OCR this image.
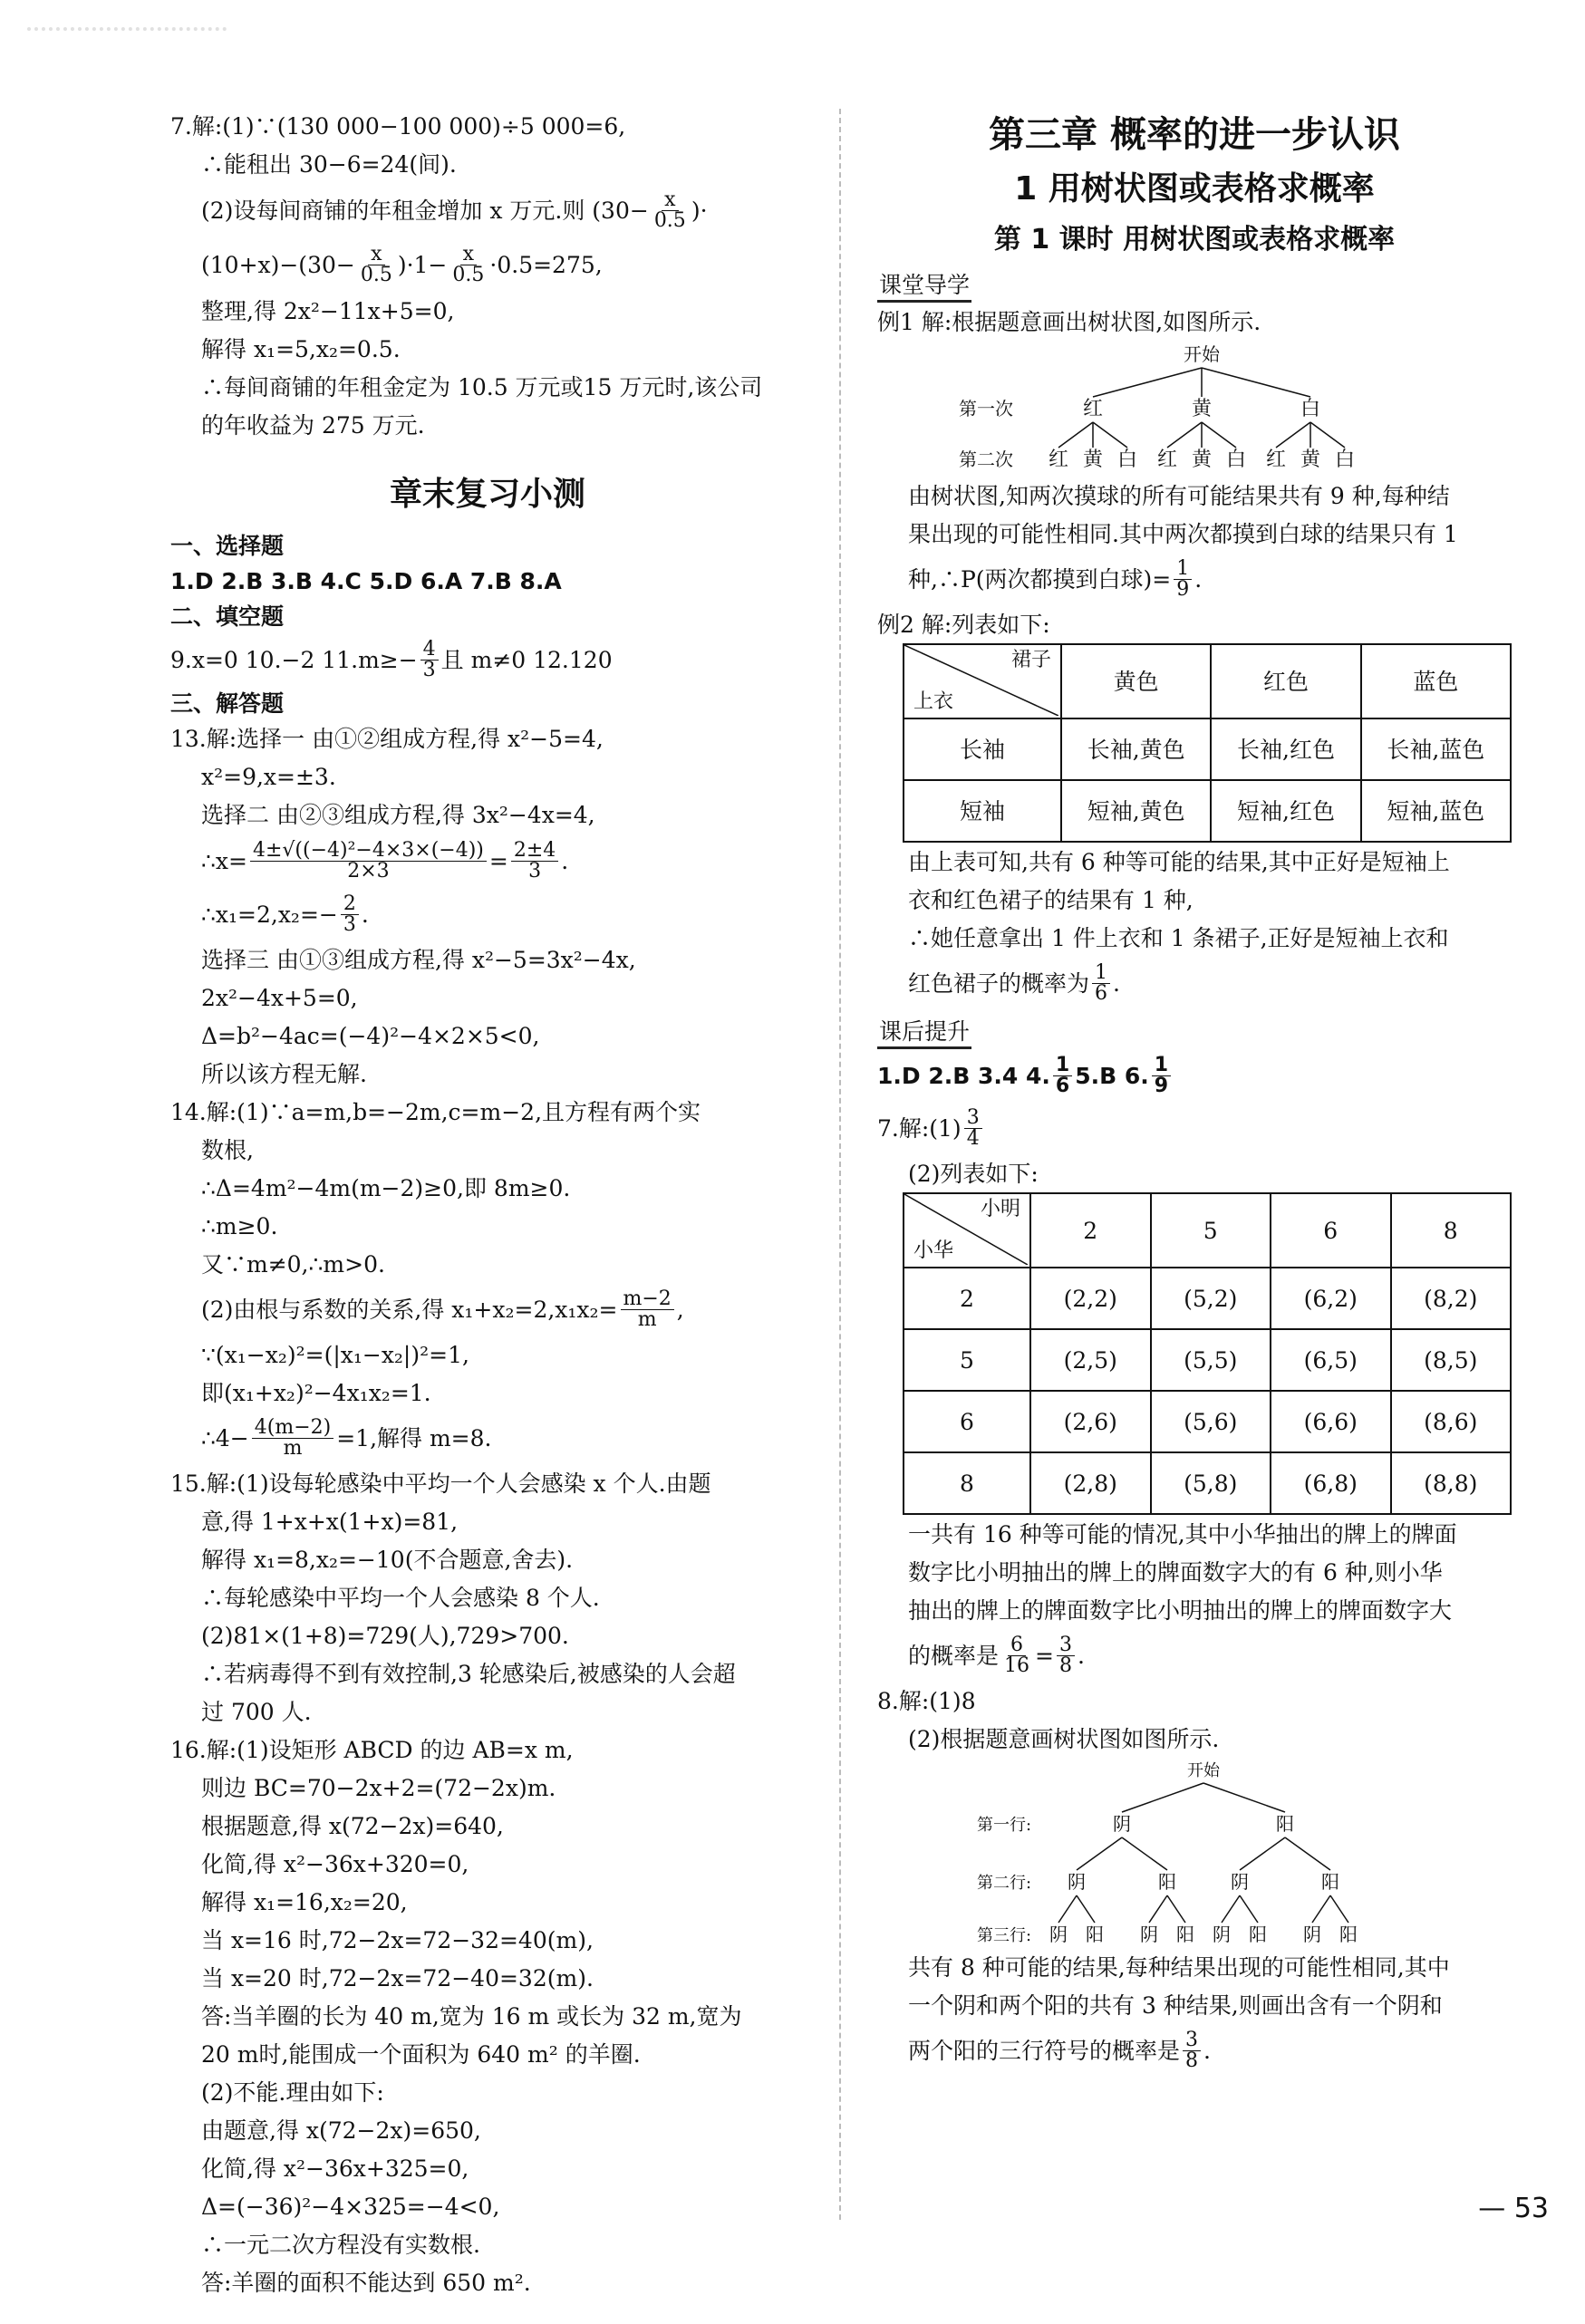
7.解:(1)∵(130 000−100 000)÷5 000=6,
∴能租出 30−6=24(间).
(2)设每间商铺的年租金增加 x 万元.则 ($30- \frac{x}{0.5}$ )·
$(10+x)-(30- \frac{x}{0.5} )\cdot 1- \frac{x}{0.5} \cdot 0.5=275$,
整理,得 2x²−11x+5=0,
解得 x₁=5,x₂=0.5.
∴每间商铺的年租金定为 10.5 万元或15 万元时,该公司
的年收益为 275 万元.
章末复习小测
一、选择题
1.D 2.B 3.B 4.C 5.D 6.A 7.B 8.A
二、填空题
9.x=0 10.−2 $11.m\ge- \frac{4}{3}$ 且 m≠0 12.120
三、解答题
13.解:选择一 由①②组成方程,得 x²−5=4,
x²=9,x=±3.
选择二 由②③组成方程,得 3x²−4x=4,
∴x= $\frac{\text{4±√((−4)²−4×3×(−4))}}{2\times 3} = \frac{2\pm 4}{3}$ .
∴x₁=2,x₂=− $\frac{2}{3}$ .
选择三 由①③组成方程,得 x²−5=3x²−4x,
2x²−4x+5=0,
Δ=b²−4ac=(−4)²−4×2×5<0,
所以该方程无解.
14.解:(1)∵a=m,b=−2m,c=m−2,且方程有两个实
数根,
∴Δ=4m²−4m(m−2)≥0,即 8m≥0.
∴m≥0.
又∵m≠0,∴m>0.
(2)由根与系数的关系,得 $x_1+x_2=2,x_1x_2= \frac{m-2}{m}$ ,
∵(x₁−x₂)²=(|x₁−x₂|)²=1,
即(x₁+x₂)²−4x₁x₂=1.
∴4− $\frac{4(m-2)}{m} =1$,解得 m=8.
15.解:(1)设每轮感染中平均一个人会感染 x 个人.由题
意,得 1+x+x(1+x)=81,
解得 x₁=8,x₂=−10(不合题意,舍去).
∴每轮感染中平均一个人会感染 8 个人.
(2)81×(1+8)=729(人),729>700.
∴若病毒得不到有效控制,3 轮感染后,被感染的人会超
过 700 人.
16.解:(1)设矩形 ABCD 的边 AB=x m,
则边 BC=70−2x+2=(72−2x)m.
根据题意,得 x(72−2x)=640,
化简,得 x²−36x+320=0,
解得 x₁=16,x₂=20,
当 x=16 时,72−2x=72−32=40(m),
当 x=20 时,72−2x=72−40=32(m).
答:当羊圈的长为 40 m,宽为 16 m 或长为 32 m,宽为
20 m时,能围成一个面积为 640 m² 的羊圈.
(2)不能.理由如下:
由题意,得 x(72−2x)=650,
化简,得 x²−36x+325=0,
Δ=(−36)²−4×325=−4<0,
∴一元二次方程没有实数根.
答:羊圈的面积不能达到 650 m².
第三章 概率的进一步认识
1 用树状图或表格求概率
第 1 课时 用树状图或表格求概率
课堂导学
例1 解:根据题意画出树状图,如图所示.
开始
第一次	红	黄	白
第二次 红 黄 白 红 黄 白 红 黄 白
由树状图,知两次摸球的所有可能结果共有 9 种,每种结
果出现的可能性相同.其中两次都摸到白球的结果只有 1
种,∴P(两次都摸到白球)= $\frac{1}{9}$ .
例2 解:列表如下:
裙子
上衣	黄色	红色	蓝色
长袖	长袖,黄色	长袖,红色	长袖,蓝色
短袖	短袖,黄色	短袖,红色	短袖,蓝色
由上表可知,共有 6 种等可能的结果,其中正好是短袖上
衣和红色裙子的结果有 1 种,
∴她任意拿出 1 件上衣和 1 条裙子,正好是短袖上衣和
红色裙子的概率为 $\frac{1}{6}$ .
课后提升
1.D 2.B 3.4 4. $\frac{1}{6} 5.B$ 6. $\frac{1}{9}$
7.解:(1) $\frac{3}{4}$
(2)列表如下:
小明
小华	2	5	6	8
2	(2,2)	(5,2)	(6,2)	(8,2)
5	(2,5)	(5,5)	(6,5)	(8,5)
6	(2,6)	(5,6)	(6,6)	(8,6)
8	(2,8)	(5,8)	(6,8)	(8,8)
一共有 16 种等可能的情况,其中小华抽出的牌上的牌面
数字比小明抽出的牌上的牌面数字大的有 6 种,则小华
抽出的牌上的牌面数字比小明抽出的牌上的牌面数字大
的概率是 $\frac{6}{16} = \frac{3}{8}$ .
8.解:(1)8
(2)根据题意画树状图如图所示.
开始
第一行:	阴	阳
第二行: 阴	阳	阴	阳
第三行: 阴 阳 阴 阳 阴 阳 阴 阳
共有 8 种可能的结果,每种结果出现的可能性相同,其中
一个阴和两个阳的共有 3 种结果,则画出含有一个阴和
两个阳的三行符号的概率是 $\frac{3}{8}$ .
— 53
